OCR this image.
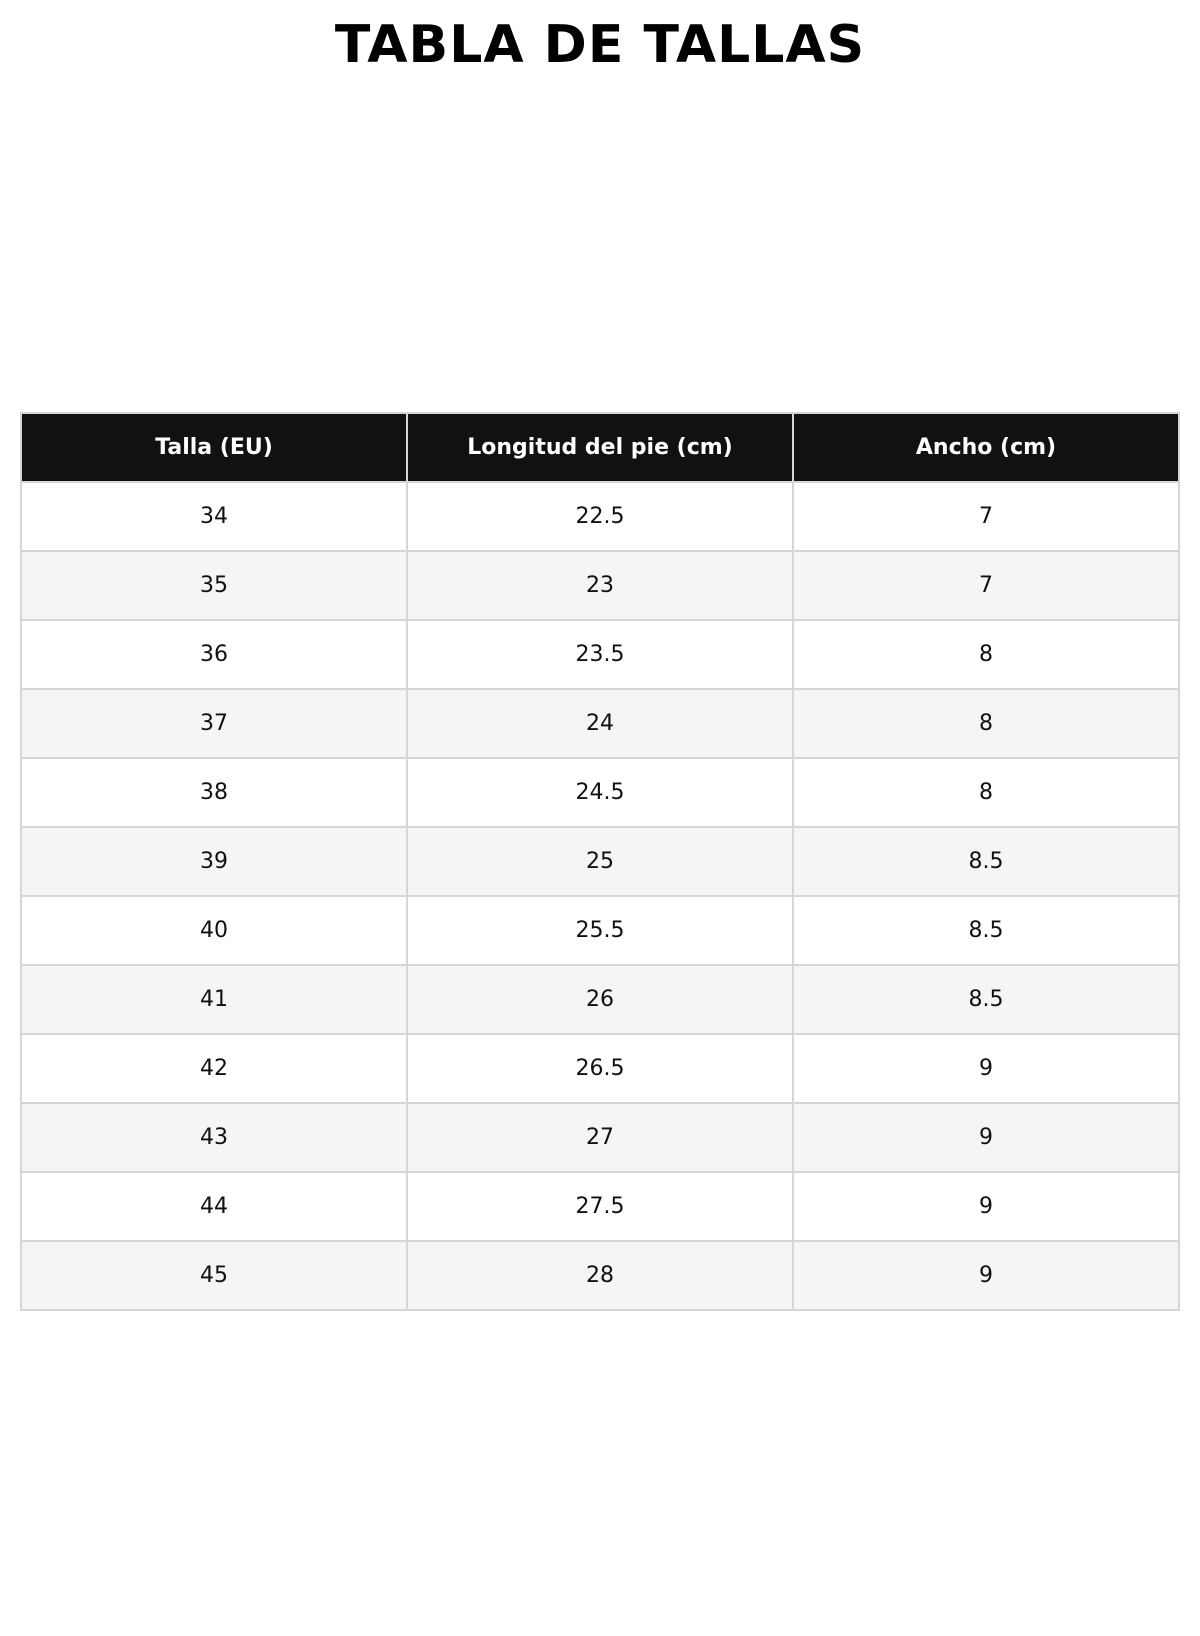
TABLA DE TALLAS
Talla (EU)	Longitud del pie (cm)	Ancho (cm)
34	22.5	7
35	23	7
36	23.5	8
37	24	8
38	24.5	8
39	25	8.5
40	25.5	8.5
41	26	8.5
42	26.5	9
43	27	9
44	27.5	9
45	28	9
